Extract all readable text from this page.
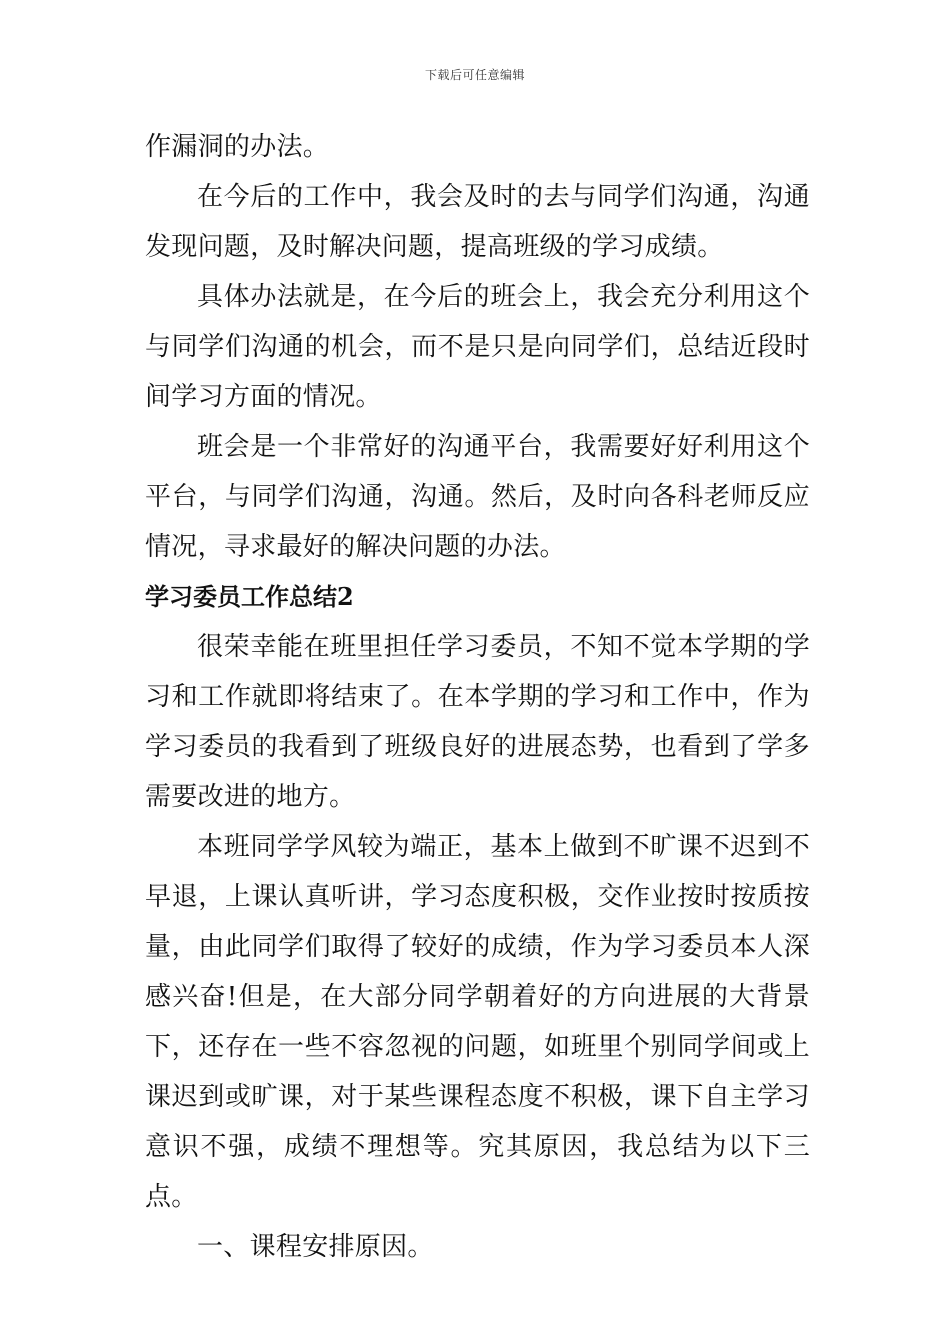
下载后可任意编辑

作漏洞的办法。

在今后的工作中，我会及时的去与同学们沟通，沟通发现问题，及时解决问题，提高班级的学习成绩。

具体办法就是，在今后的班会上，我会充分利用这个与同学们沟通的机会，而不是只是向同学们，总结近段时间学习方面的情况。

班会是一个非常好的沟通平台，我需要好好利用这个平台，与同学们沟通，沟通。然后，及时向各科老师反应情况，寻求最好的解决问题的办法。

学习委员工作总结2

很荣幸能在班里担任学习委员，不知不觉本学期的学习和工作就即将结束了。在本学期的学习和工作中，作为学习委员的我看到了班级良好的进展态势，也看到了学多需要改进的地方。

本班同学学风较为端正，基本上做到不旷课不迟到不早退，上课认真听讲，学习态度积极，交作业按时按质按量，由此同学们取得了较好的成绩，作为学习委员本人深感兴奋!但是，在大部分同学朝着好的方向进展的大背景下，还存在一些不容忽视的问题，如班里个别同学间或上课迟到或旷课，对于某些课程态度不积极，课下自主学习意识不强，成绩不理想等。究其原因，我总结为以下三点。

一、课程安排原因。
